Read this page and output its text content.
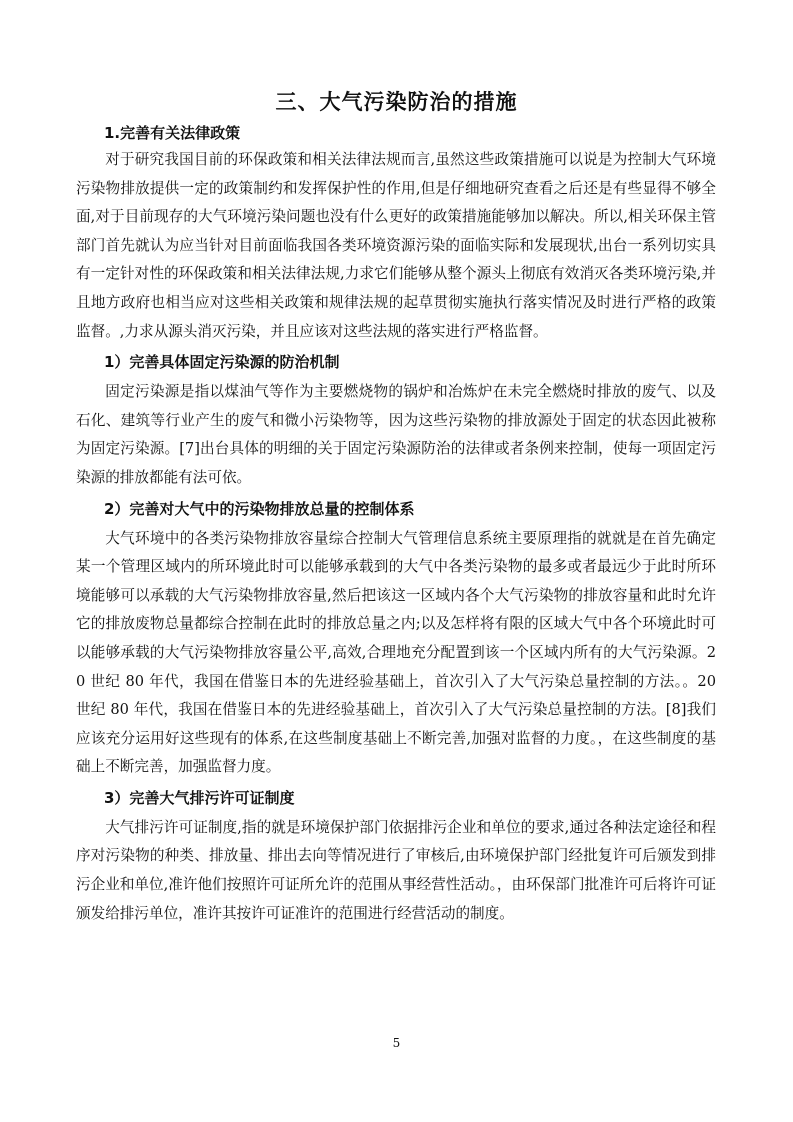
三、大气污染防治的措施

1.完善有关法律政策

对于研究我国目前的环保政策和相关法律法规而言,虽然这些政策措施可以说是为控制大气环境污染物排放提供一定的政策制约和发挥保护性的作用,但是仔细地研究查看之后还是有些显得不够全面,对于目前现存的大气环境污染问题也没有什么更好的政策措施能够加以解决。所以,相关环保主管部门首先就认为应当针对目前面临我国各类环境资源污染的面临实际和发展现状,出台一系列切实具有一定针对性的环保政策和相关法律法规,力求它们能够从整个源头上彻底有效消灭各类环境污染,并且地方政府也相当应对这些相关政策和规律法规的起草贯彻实施执行落实情况及时进行严格的政策监督。,力求从源头消灭污染，并且应该对这些法规的落实进行严格监督。

1）完善具体固定污染源的防治机制

固定污染源是指以煤油气等作为主要燃烧物的锅炉和冶炼炉在未完全燃烧时排放的废气、以及石化、建筑等行业产生的废气和微小污染物等，因为这些污染物的排放源处于固定的状态因此被称为固定污染源。[7]出台具体的明细的关于固定污染源防治的法律或者条例来控制，使每一项固定污染源的排放都能有法可依。

2）完善对大气中的污染物排放总量的控制体系

大气环境中的各类污染物排放容量综合控制大气管理信息系统主要原理指的就就是在首先确定某一个管理区域内的所环境此时可以能够承载到的大气中各类污染物的最多或者最远少于此时所环境能够可以承载的大气污染物排放容量,然后把该这一区域内各个大气污染物的排放容量和此时允许它的排放废物总量都综合控制在此时的排放总量之内;以及怎样将有限的区域大气中各个环境此时可以能够承载的大气污染物排放容量公平,高效,合理地充分配置到该一个区域内所有的大气污染源。20 世纪 80 年代，我国在借鉴日本的先进经验基础上，首次引入了大气污染总量控制的方法。。20 世纪 80 年代，我国在借鉴日本的先进经验基础上，首次引入了大气污染总量控制的方法。[8]我们应该充分运用好这些现有的体系,在这些制度基础上不断完善,加强对监督的力度。，在这些制度的基础上不断完善，加强监督力度。

3）完善大气排污许可证制度

大气排污许可证制度,指的就是环境保护部门依据排污企业和单位的要求,通过各种法定途径和程序对污染物的种类、排放量、排出去向等情况进行了审核后,由环境保护部门经批复许可后颁发到排污企业和单位,准许他们按照许可证所允许的范围从事经营性活动。，由环保部门批准许可后将许可证颁发给排污单位，准许其按许可证准许的范围进行经营活动的制度。

5
